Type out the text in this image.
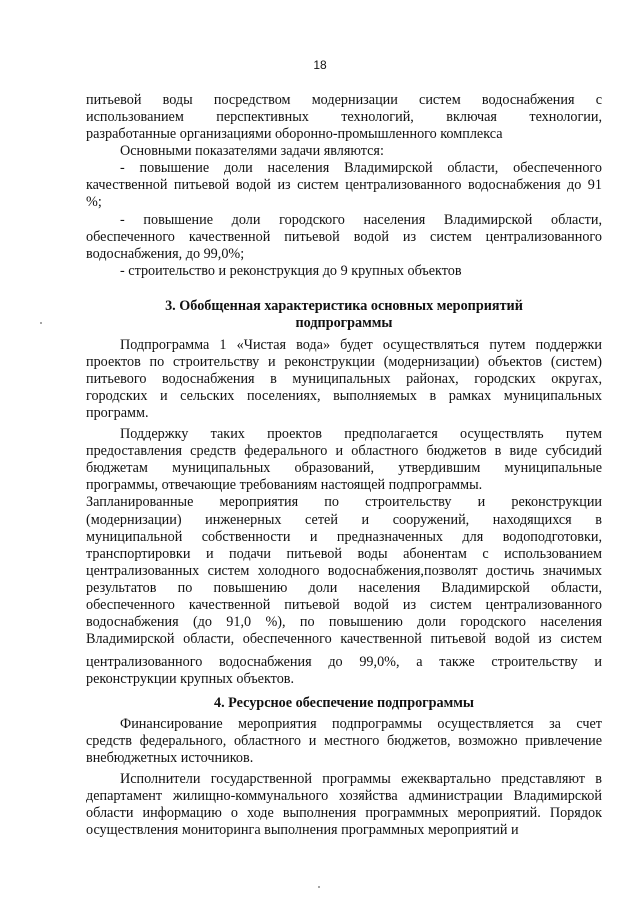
18
питьевой воды посредством модернизации систем водоснабжения с
использованием перспективных технологий, включая технологии,
разработанные организациями оборонно-промышленного комплекса
Основными показателями задачи являются:
- повышение доли населения Владимирской области, обеспеченного
качественной питьевой водой из систем централизованного водоснабжения до 91
%;
- повышение доли городского населения Владимирской области,
обеспеченного качественной питьевой водой из систем централизованного
водоснабжения, до 99,0%;
- строительство и реконструкция до 9 крупных объектов
3. Обобщенная характеристика основных мероприятий
подпрограммы
Подпрограмма 1 «Чистая вода» будет осуществляться путем поддержки
проектов по строительству и реконструкции (модернизации) объектов (систем)
питьевого водоснабжения в муниципальных районах, городских округах,
городских и сельских поселениях, выполняемых в рамках муниципальных
программ.
Поддержку таких проектов предполагается осуществлять путем
предоставления средств федерального и областного бюджетов в виде субсидий
бюджетам муниципальных образований, утвердившим муниципальные
программы, отвечающие требованиям настоящей подпрограммы.
Запланированные мероприятия по строительству и реконструкции
(модернизации) инженерных сетей и сооружений, находящихся в
муниципальной собственности и предназначенных для водоподготовки,
транспортировки и подачи питьевой воды абонентам с использованием
централизованных систем холодного водоснабжения,позволят достичь значимых
результатов по повышению доли населения Владимирской области,
обеспеченного качественной питьевой водой из систем централизованного
водоснабжения (до 91,0 %), по повышению доли городского населения
Владимирской области, обеспеченного качественной питьевой водой из систем
централизованного водоснабжения до 99,0%, а также строительству и
реконструкции крупных объектов.
4. Ресурсное обеспечение подпрограммы
Финансирование мероприятия подпрограммы осуществляется за счет
средств федерального, областного и местного бюджетов, возможно привлечение
внебюджетных источников.
Исполнители государственной программы ежеквартально представляют в
департамент жилищно-коммунального хозяйства администрации Владимирской
области информацию о ходе выполнения программных мероприятий. Порядок
осуществления мониторинга выполнения программных мероприятий и
